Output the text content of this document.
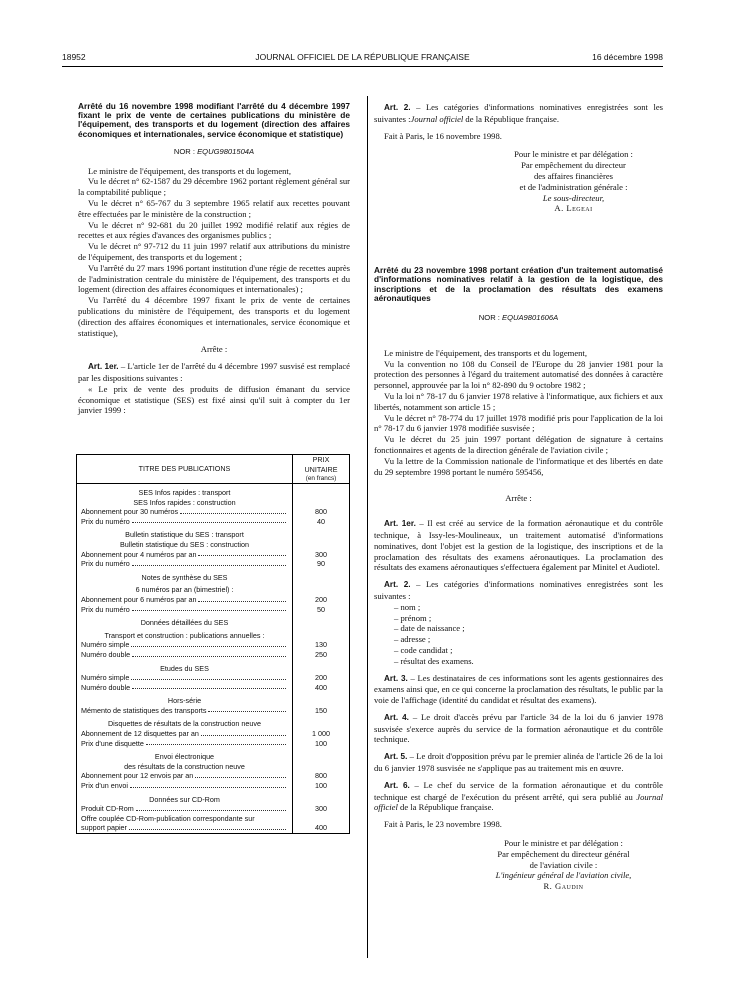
18952	JOURNAL OFFICIEL DE LA RÉPUBLIQUE FRANÇAISE	16 décembre 1998

Arrêté du 16 novembre 1998 modifiant l'arrêté du 4 décembre 1997 fixant le prix de vente de certaines publications du ministère de l'équipement, des transports et du logement (direction des affaires économiques et internationales, service économique et statistique)

NOR : EQUG9801504A

Le ministre de l'équipement, des transports et du logement,

Vu le décret n° 62-1587 du 29 décembre 1962 portant règlement général sur la comptabilité publique ;

Vu le décret n° 65-767 du 3 septembre 1965 relatif aux recettes pouvant être effectuées par le ministère de la construction ;

Vu le décret n° 92-681 du 20 juillet 1992 modifié relatif aux régies de recettes et aux régies d'avances des organismes publics ;

Vu le décret n° 97-712 du 11 juin 1997 relatif aux attributions du ministre de l'équipement, des transports et du logement ;

Vu l'arrêté du 27 mars 1996 portant institution d'une régie de recettes auprès de l'administration centrale du ministère de l'équipement, des transports et du logement (direction des affaires économiques et internationales) ;

Vu l'arrêté du 4 décembre 1997 fixant le prix de vente de certaines publications du ministère de l'équipement, des transports et du logement (direction des affaires économiques et internationales, service économique et statistique),

Arrête :

Art. 1er. – L'article 1er de l'arrêté du 4 décembre 1997 susvisé est remplacé par les dispositions suivantes :

« Le prix de vente des produits de diffusion émanant du service économique et statistique (SES) est fixé ainsi qu'il suit à compter du 1er janvier 1999 :

TITRE DES PUBLICATIONS	PRIX UNITAIRE
(en francs)

SES Infos rapides : transport	
SES Infos rapides : construction	

Abonnement pour 30 numéros	800

Prix du numéro	40
Bulletin statistique du SES : transport	
Bulletin statistique du SES : construction	

Abonnement pour 4 numéros par an	300

Prix du numéro	90
Notes de synthèse du SES	
6 numéros par an (bimestriel) :	

Abonnement pour 6 numéros par an	200

Prix du numéro	50
Données détaillées du SES	
Transport et construction : publications annuelles :	

Numéro simple	130

Numéro double	250
Etudes du SES	

Numéro simple	200

Numéro double	400
Hors-série	

Mémento de statistiques des transports	150
Disquettes de résultats de la construction neuve	

Abonnement de 12 disquettes par an	1 000

Prix d'une disquette	100
Envoi électronique	
des résultats de la construction neuve	

Abonnement pour 12 envois par an	800

Prix d'un envoi	100
Données sur CD-Rom	

Produit CD-Rom	300

Offre couplée CD-Rom-publication correspondante sur
support papier	400

Art. 2. – Les catégories d'informations nominatives enregistrées sont les suivantes :Journal officiel de la République française.

Fait à Paris, le 16 novembre 1998.

Pour le ministre et par délégation :
Par empêchement du directeur
des affaires financières
et de l'administration générale :
Le sous-directeur,
A. Legeai

Arrêté du 23 novembre 1998 portant création d'un traitement automatisé d'informations nominatives relatif à la gestion de la logistique, des inscriptions et de la proclamation des résultats des examens aéronautiques

NOR : EQUA9801606A

Le ministre de l'équipement, des transports et du logement,

Vu la convention no 108 du Conseil de l'Europe du 28 janvier 1981 pour la protection des personnes à l'égard du traitement automatisé des données à caractère personnel, approuvée par la loi n° 82-890 du 9 octobre 1982 ;

Vu la loi n° 78-17 du 6 janvier 1978 relative à l'informatique, aux fichiers et aux libertés, notamment son article 15 ;

Vu le décret n° 78-774 du 17 juillet 1978 modifié pris pour l'application de la loi n° 78-17 du 6 janvier 1978 modifiée susvisée ;

Vu le décret du 25 juin 1997 portant délégation de signature à certains fonctionnaires et agents de la direction générale de l'aviation civile ;

Vu la lettre de la Commission nationale de l'informatique et des libertés en date du 29 septembre 1998 portant le numéro 595456,

Arrête :

Art. 1er. – Il est créé au service de la formation aéronautique et du contrôle technique, à Issy-les-Moulineaux, un traitement automatisé d'informations nominatives, dont l'objet est la gestion de la logistique, des inscriptions et de la proclamation des résultats des examens aéronautiques. La proclamation des résultats des examens aéronautiques s'effectuera également par Minitel et Audiotel.

Art. 2. – Les catégories d'informations nominatives enregistrées sont les suivantes :

– nom ;

– prénom ;

– date de naissance ;

– adresse ;

– code candidat ;

– résultat des examens.

Art. 3. – Les destinataires de ces informations sont les agents gestionnaires des examens ainsi que, en ce qui concerne la proclamation des résultats, le public par la voie de l'affichage (identité du candidat et résultat des examens).

Art. 4. – Le droit d'accès prévu par l'article 34 de la loi du 6 janvier 1978 susvisée s'exerce auprès du service de la formation aéronautique et du contrôle technique.

Art. 5. – Le droit d'opposition prévu par le premier alinéa de l'article 26 de la loi du 6 janvier 1978 susvisée ne s'applique pas au traitement mis en œuvre.

Art. 6. – Le chef du service de la formation aéronautique et du contrôle technique est chargé de l'exécution du présent arrêté, qui sera publié au Journal officiel de la République française.

Fait à Paris, le 23 novembre 1998.

Pour le ministre et par délégation :
Par empêchement du directeur général
de l'aviation civile :
L'ingénieur général de l'aviation civile,
R. Gaudin
